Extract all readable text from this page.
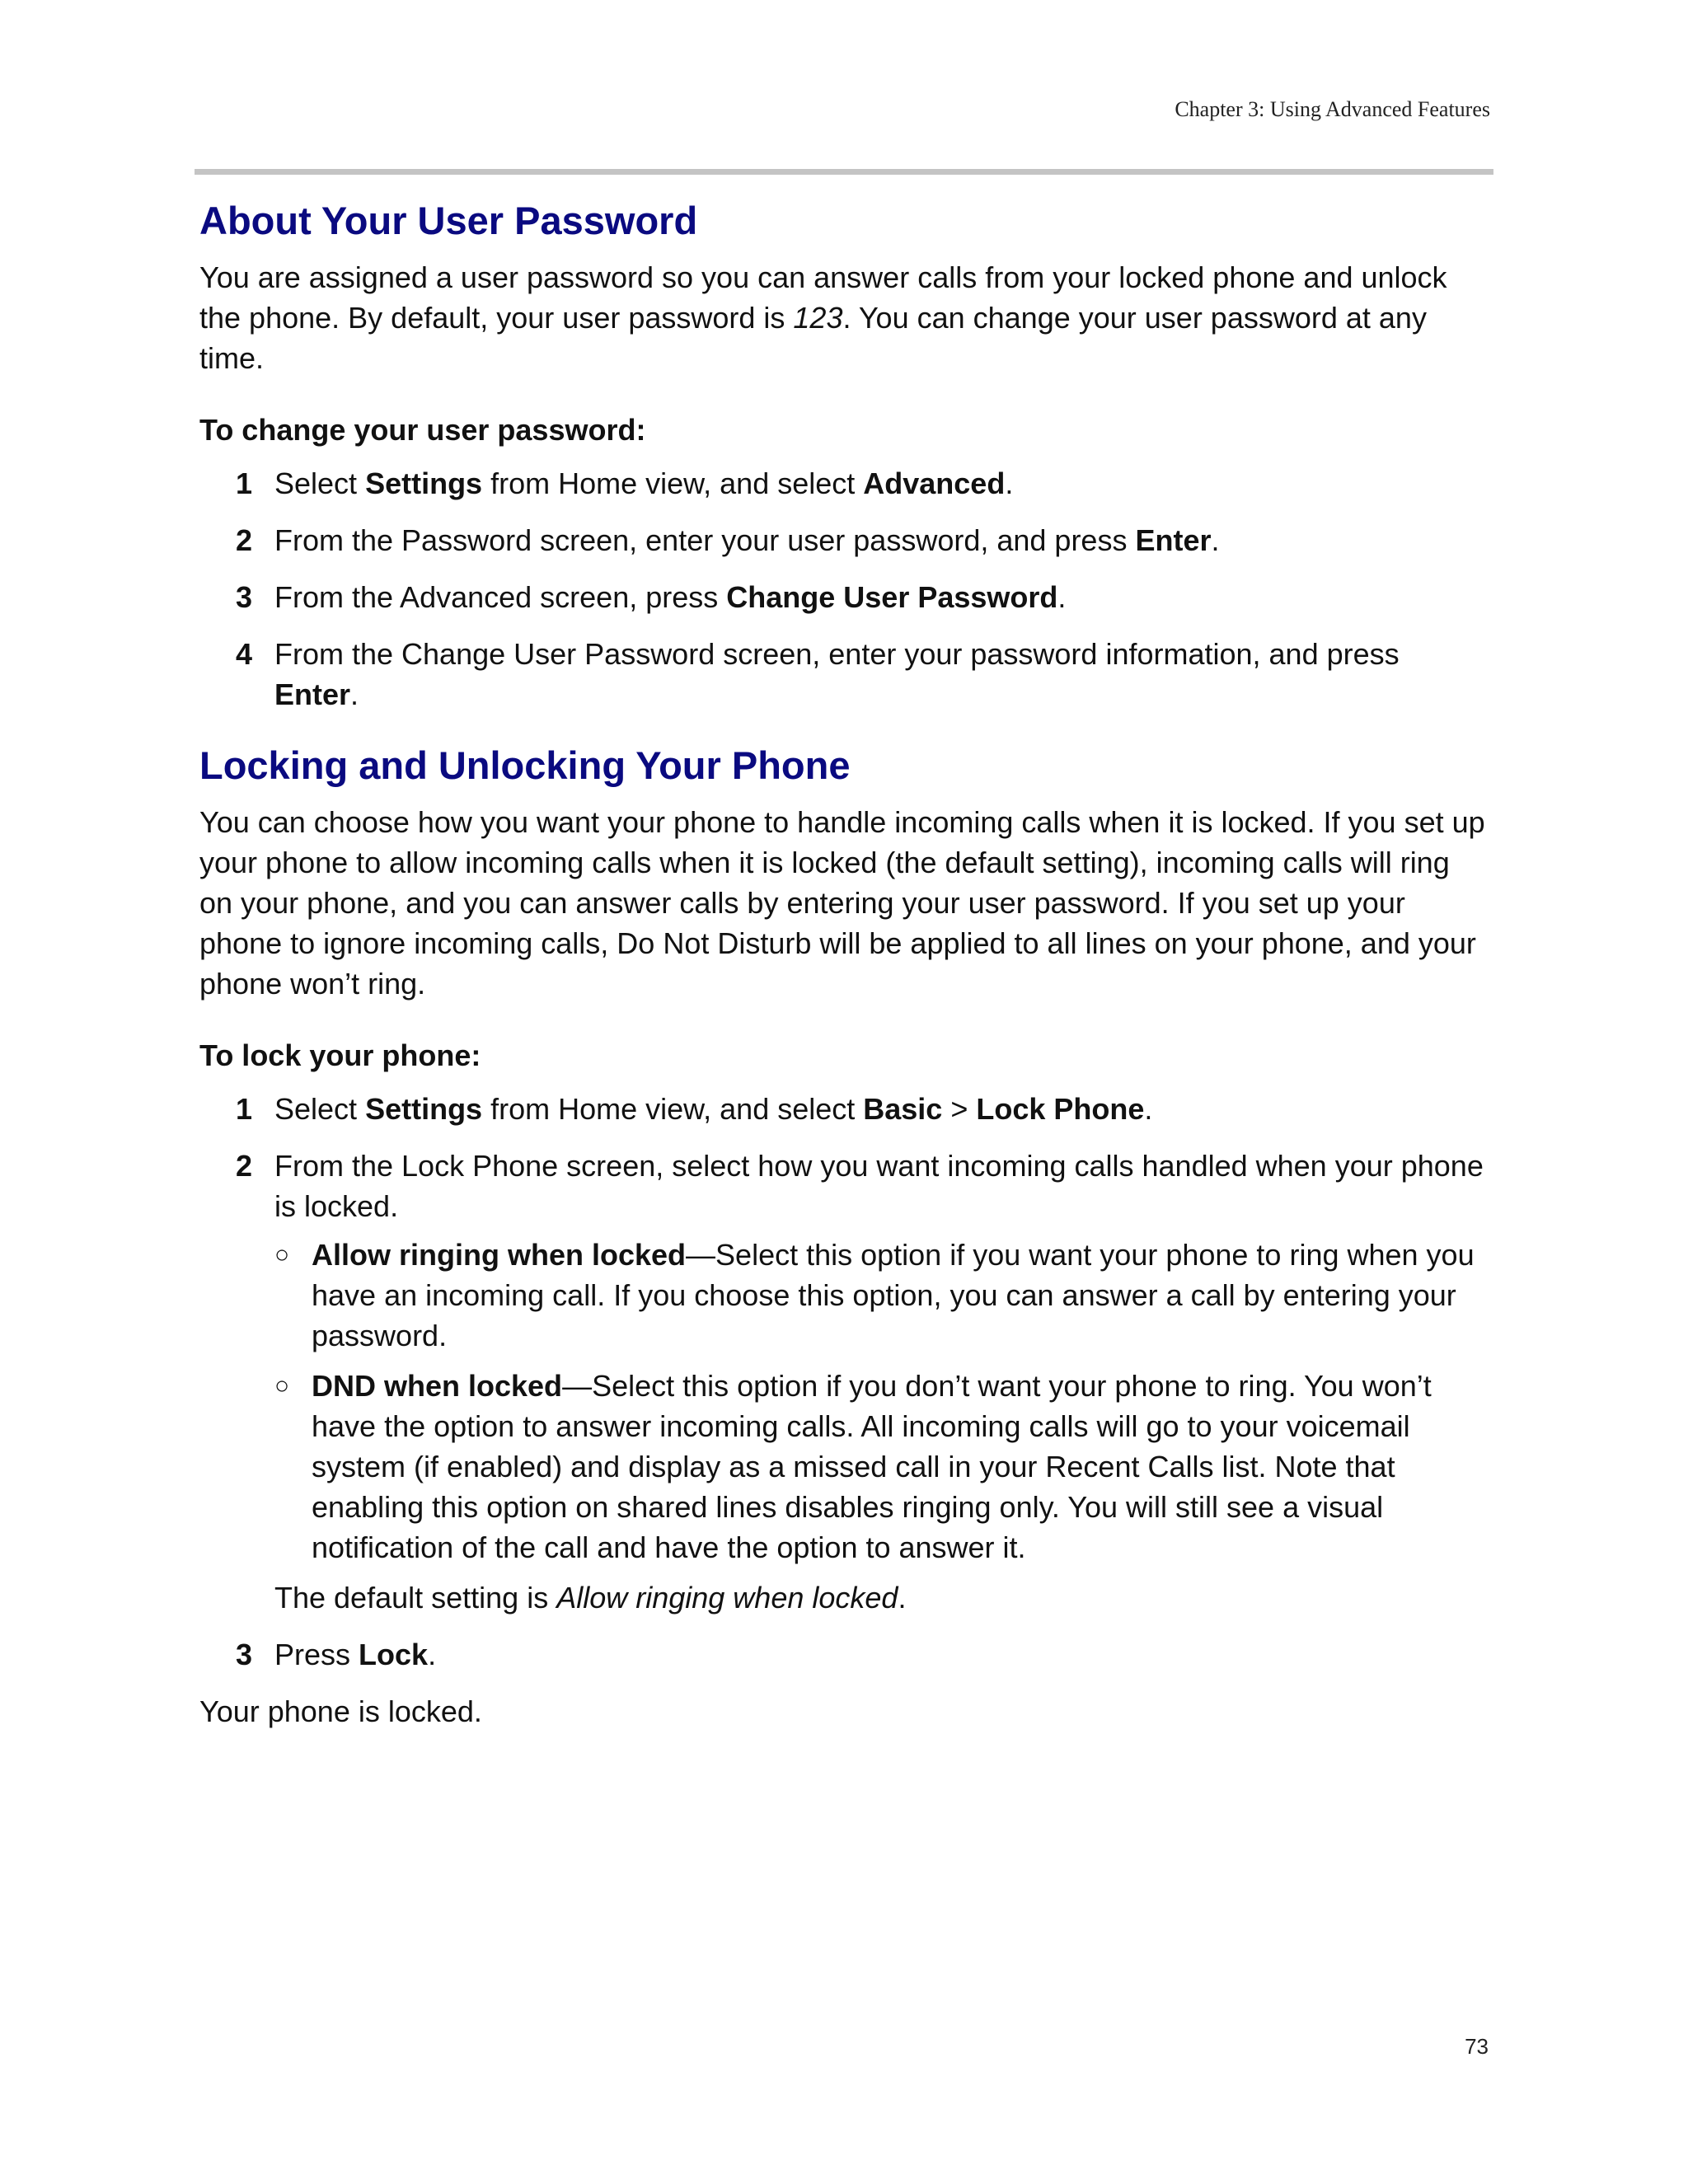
Chapter 3: Using Advanced Features
About Your User Password

You are assigned a user password so you can answer calls from your locked phone and unlock the phone. By default, your user password is 123. You can change your user password at any time.

To change your user password:

1 Select Settings from Home view, and select Advanced.
2 From the Password screen, enter your user password, and press Enter.
3 From the Advanced screen, press Change User Password.
4 From the Change User Password screen, enter your password information, and press Enter.
Locking and Unlocking Your Phone

You can choose how you want your phone to handle incoming calls when it is locked. If you set up your phone to allow incoming calls when it is locked (the default setting), incoming calls will ring on your phone, and you can answer calls by entering your user password. If you set up your phone to ignore incoming calls, Do Not Disturb will be applied to all lines on your phone, and your phone won’t ring.

To lock your phone:

1 Select Settings from Home view, and select Basic > Lock Phone.
2 From the Lock Phone screen, select how you want incoming calls handled when your phone is locked.
○ Allow ringing when locked—Select this option if you want your phone to ring when you have an incoming call. If you choose this option, you can answer a call by entering your password.
○ DND when locked—Select this option if you don’t want your phone to ring. You won’t have the option to answer incoming calls. All incoming calls will go to your voicemail system (if enabled) and display as a missed call in your Recent Calls list. Note that enabling this option on shared lines disables ringing only. You will still see a visual notification of the call and have the option to answer it.
The default setting is Allow ringing when locked.
3 Press Lock.

Your phone is locked.

73
